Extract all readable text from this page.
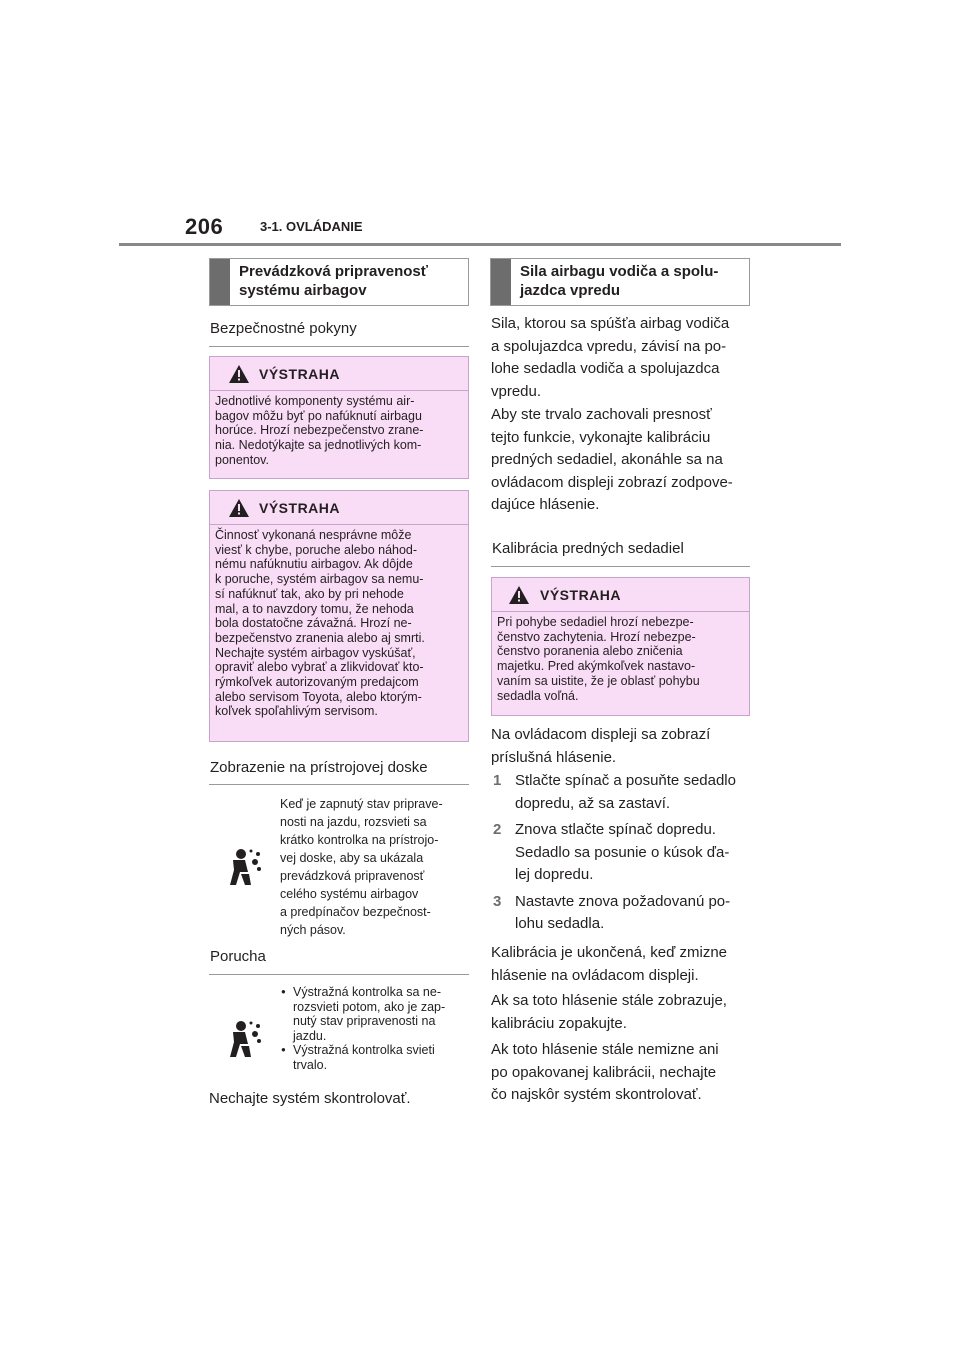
206	3-1. OVLÁDANIE
Prevádzková pripravenosť
systému airbagov
Bezpečnostné pokyny
VÝSTRAHA
Jednotlivé komponenty systému air-
bagov môžu byť po nafúknutí airbagu
horúce. Hrozí nebezpečenstvo zrane-
nia. Nedotýkajte sa jednotlivých kom-
ponentov.
VÝSTRAHA
Činnosť vykonaná nesprávne môže
viesť k chybe, poruche alebo náhod-
nému nafúknutiu airbagov. Ak dôjde
k poruche, systém airbagov sa nemu-
sí nafúknuť tak, ako by pri nehode
mal, a to navzdory tomu, že nehoda
bola dostatočne závažná. Hrozí ne-
bezpečenstvo zranenia alebo aj smrti.
Nechajte systém airbagov vyskúšať,
opraviť alebo vybrať a zlikvidovať kto-
rýmkoľvek autorizovaným predajcom
alebo servisom Toyota, alebo ktorým-
koľvek spoľahlivým servisom.
Zobrazenie na prístrojovej doske
Keď je zapnutý stav priprave-
nosti na jazdu, rozsvieti sa
krátko kontrolka na prístrojo-
vej doske, aby sa ukázala
prevádzková pripravenosť
celého systému airbagov
a predpínačov bezpečnost-
ných pásov.
Porucha
● Výstražná kontrolka sa ne-
rozsvieti potom, ako je zap-
nutý stav pripravenosti na
jazdu.
● Výstražná kontrolka svieti
trvalo.
Nechajte systém skontrolovať.
Sila airbagu vodiča a spolu-
jazdca vpredu
Sila, ktorou sa spúšťa airbag vodiča
a spolujazdca vpredu, závisí na po-
lohe sedadla vodiča a spolujazdca
vpredu.
Aby ste trvalo zachovali presnosť
tejto funkcie, vykonajte kalibráciu
predných sedadiel, akonáhle sa na
ovládacom displeji zobrazí zodpove-
dajúce hlásenie.
Kalibrácia predných sedadiel
VÝSTRAHA
Pri pohybe sedadiel hrozí nebezpe-
čenstvo zachytenia. Hrozí nebezpe-
čenstvo poranenia alebo zničenia
majetku. Pred akýmkoľvek nastavo-
vaním sa uistite, že je oblasť pohybu
sedadla voľná.
Na ovládacom displeji sa zobrazí
príslušná hlásenie.
1 Stlačte spínač a posuňte sedadlo
dopredu, až sa zastaví.
2 Znova stlačte spínač dopredu.
Sedadlo sa posunie o kúsok ďa-
lej dopredu.
3 Nastavte znova požadovanú po-
lohu sedadla.
Kalibrácia je ukončená, keď zmizne
hlásenie na ovládacom displeji.
Ak sa toto hlásenie stále zobrazuje,
kalibráciu zopakujte.
Ak toto hlásenie stále nemizne ani
po opakovanej kalibrácii, nechajte
čo najskôr systém skontrolovať.
